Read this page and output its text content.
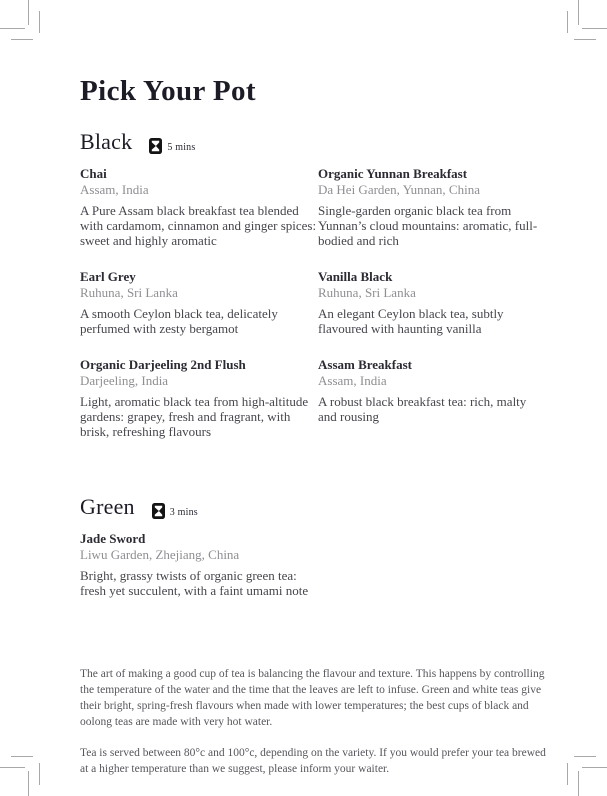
Pick Your Pot
Black	5 mins
Chai
Assam, India

A Pure Assam black breakfast tea blended with cardamom, cinnamon and ginger spices: sweet and highly aromatic

Earl Grey
Ruhuna, Sri Lanka

A smooth Ceylon black tea, delicately perfumed with zesty bergamot

Organic Darjeeling 2nd Flush
Darjeeling, India

Light, aromatic black tea from high-altitude gardens: grapey, fresh and fragrant, with brisk, refreshing flavours

Organic Yunnan Breakfast
Da Hei Garden, Yunnan, China

Single-garden organic black tea from Yunnan’s cloud mountains: aromatic, full-bodied and rich

Vanilla Black
Ruhuna, Sri Lanka

An elegant Ceylon black tea, subtly flavoured with haunting vanilla

Assam Breakfast
Assam, India

A robust black breakfast tea: rich, malty and rousing

Green	3 mins
Jade Sword
Liwu Garden, Zhejiang, China

Bright, grassy twists of organic green tea: fresh yet succulent, with a faint umami note

The art of making a good cup of tea is balancing the flavour and texture. This happens by controlling the temperature of the water and the time that the leaves are left to infuse. Green and white teas give their bright, spring-fresh flavours when made with lower temperatures; the best cups of black and oolong teas are made with very hot water.

Tea is served between 80°c and 100°c, depending on the variety. If you would prefer your tea brewed at a higher temperature than we suggest, please inform your waiter.
